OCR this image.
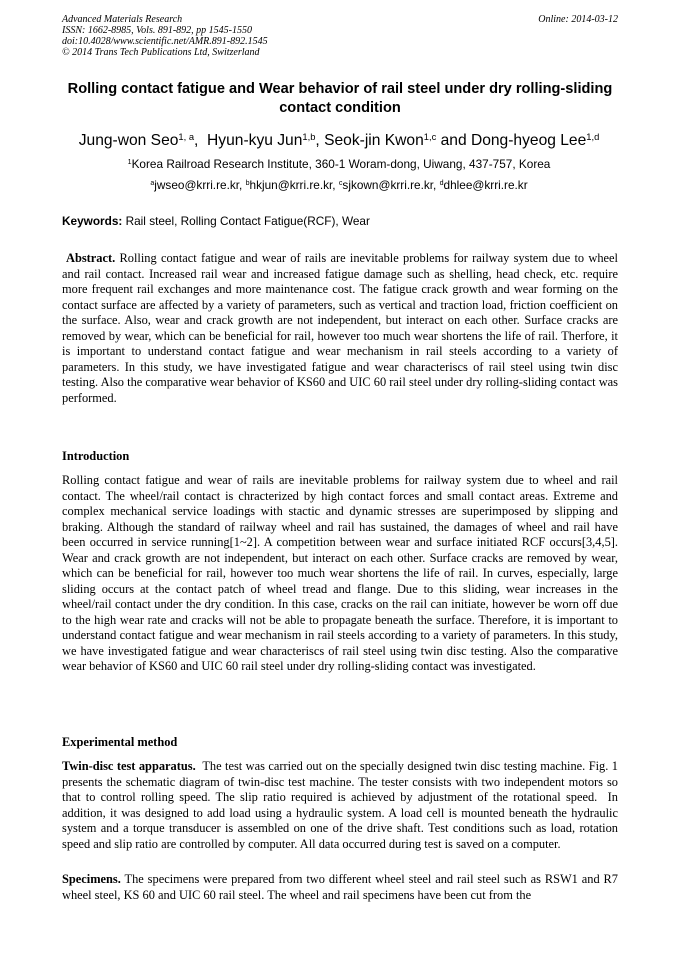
Advanced Materials Research
ISSN: 1662-8985, Vols. 891-892, pp 1545-1550
doi:10.4028/www.scientific.net/AMR.891-892.1545
© 2014 Trans Tech Publications Ltd, Switzerland
Online: 2014-03-12
Rolling contact fatigue and Wear behavior of rail steel under dry rolling-sliding contact condition
Jung-won Seo$^{1, a}$,  Hyun-kyu Jun$^{1,b}$, Seok-jin Kwon$^{1,c}$ and Dong-hyeog Lee$^{1,d}$
$^1$Korea Railroad Research Institute, 360-1 Woram-dong, Uiwang, 437-757, Korea
$^a$jwseo@krri.re.kr, $^b$hkjun@krri.re.kr, $^c$sjkown@krri.re.kr, $^d$dhlee@krri.re.kr
Keywords: Rail steel, Rolling Contact Fatigue(RCF), Wear
Abstract. Rolling contact fatigue and wear of rails are inevitable problems for railway system due to wheel and rail contact. Increased rail wear and increased fatigue damage such as shelling, head check, etc. require more frequent rail exchanges and more maintenance cost. The fatigue crack growth and wear forming on the contact surface are affected by a variety of parameters, such as vertical and traction load, friction coefficient on the surface. Also, wear and crack growth are not independent, but interact on each other. Surface cracks are removed by wear, which can be beneficial for rail, however too much wear shortens the life of rail. Therfore, it is important to understand contact fatigue and wear mechanism in rail steels according to a variety of parameters. In this study, we have investigated fatigue and wear characteriscs of rail steel using twin disc testing. Also the comparative wear behavior of KS60 and UIC 60 rail steel under dry rolling-sliding contact was performed.
Introduction
Rolling contact fatigue and wear of rails are inevitable problems for railway system due to wheel and rail contact. The wheel/rail contact is chracterized by high contact forces and small contact areas. Extreme and complex mechanical service loadings with stactic and dynamic stresses are superimposed by slipping and braking. Although the standard of railway wheel and rail has sustained, the damages of wheel and rail have been occurred in service running[1~2]. A competition between wear and surface initiated RCF occurs[3,4,5]. Wear and crack growth are not independent, but interact on each other. Surface cracks are removed by wear, which can be beneficial for rail, however too much wear shortens the life of rail. In curves, especially, large sliding occurs at the contact patch of wheel tread and flange. Due to this sliding, wear increases in the wheel/rail contact under the dry condition. In this case, cracks on the rail can initiate, however be worn off due to the high wear rate and cracks will not be able to propagate beneath the surface. Therefore, it is important to understand contact fatigue and wear mechanism in rail steels according to a variety of parameters. In this study, we have investigated fatigue and wear characteriscs of rail steel using twin disc testing. Also the comparative wear behavior of KS60 and UIC 60 rail steel under dry rolling-sliding contact was investigated.
Experimental method
Twin-disc test apparatus.  The test was carried out on the specially designed twin disc testing machine. Fig. 1 presents the schematic diagram of twin-disc test machine. The tester consists with two independent motors so that to control rolling speed. The slip ratio required is achieved by adjustment of the rotational speed.  In addition, it was designed to add load using a hydraulic system. A load cell is mounted beneath the hydraulic system and a torque transducer is assembled on one of the drive shaft. Test conditions such as load, rotation speed and slip ratio are controlled by computer. All data occurred during test is saved on a computer.
Specimens. The specimens were prepared from two different wheel steel and rail steel such as RSW1 and R7 wheel steel, KS 60 and UIC 60 rail steel. The wheel and rail specimens have been cut from the
